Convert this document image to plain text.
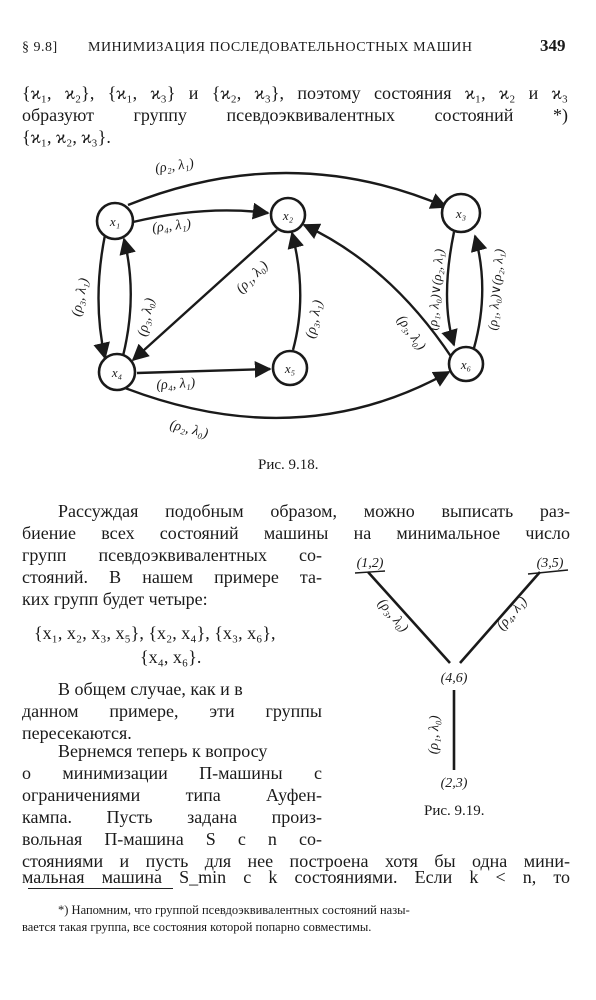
§ 9.8] МИНИМИЗАЦИЯ ПОСЛЕДОВАТЕЛЬНОСТНЫХ МАШИН	349
{ϰ₁, ϰ₂}, {ϰ₁, ϰ₃} и {ϰ₂, ϰ₃}, поэтому состояния ϰ₁, ϰ₂ и ϰ₃
образуют группу псевдоэквивалентных состояний *)
{ϰ₁, ϰ₂, ϰ₃}.
x₁	x₂	x₃
x₄	x₅	x₆
(ρ₂, λ₁)
(ρ₄, λ₁)
(ρ₃, λ₁)	(ρ₃, λ₀)
(ρ₁, λ₀)
(ρ₃, λ₁)
(ρ₄, λ₁)
(ρ₂, λ₀)
(ρ₃, λ₀)
(ρ₁, λ₀)∨(ρ₂, λ₁)	(ρ₁, λ₀)∨(ρ₂, λ₁)
Рис. 9.18.
Рассуждая подобным образом, можно выписать раз-
биение всех состояний машины на минимальное число
групп псевдоэквивалентных со-
стояний. В нашем примере та-
ких групп будет четыре:
{x₁, x₂, x₃, x₅}, {x₂, x₄}, {x₃, x₆},
{x₄, x₆}.
В общем случае, как и в
данном примере, эти группы
пересекаются.
Вернемся теперь к вопросу
о минимизации П-машины с
ограничениями типа Ауфен-
кампа. Пусть задана произ-
вольная П-машина S с n со-
стояниями и пусть для нее построена хотя бы одна мини-
мальная машина S_min с k состояниями. Если k < n, то
(1,2)	(3,5)
(4,6)
(2,3)
(ρ₃, λ₀)	(ρ₄, λ₁)
(ρ₁, λ₀)
Рис. 9.19.
*) Напомним, что группой псевдоэквивалентных состояний назы-
вается такая группа, все состояния которой попарно совместимы.
